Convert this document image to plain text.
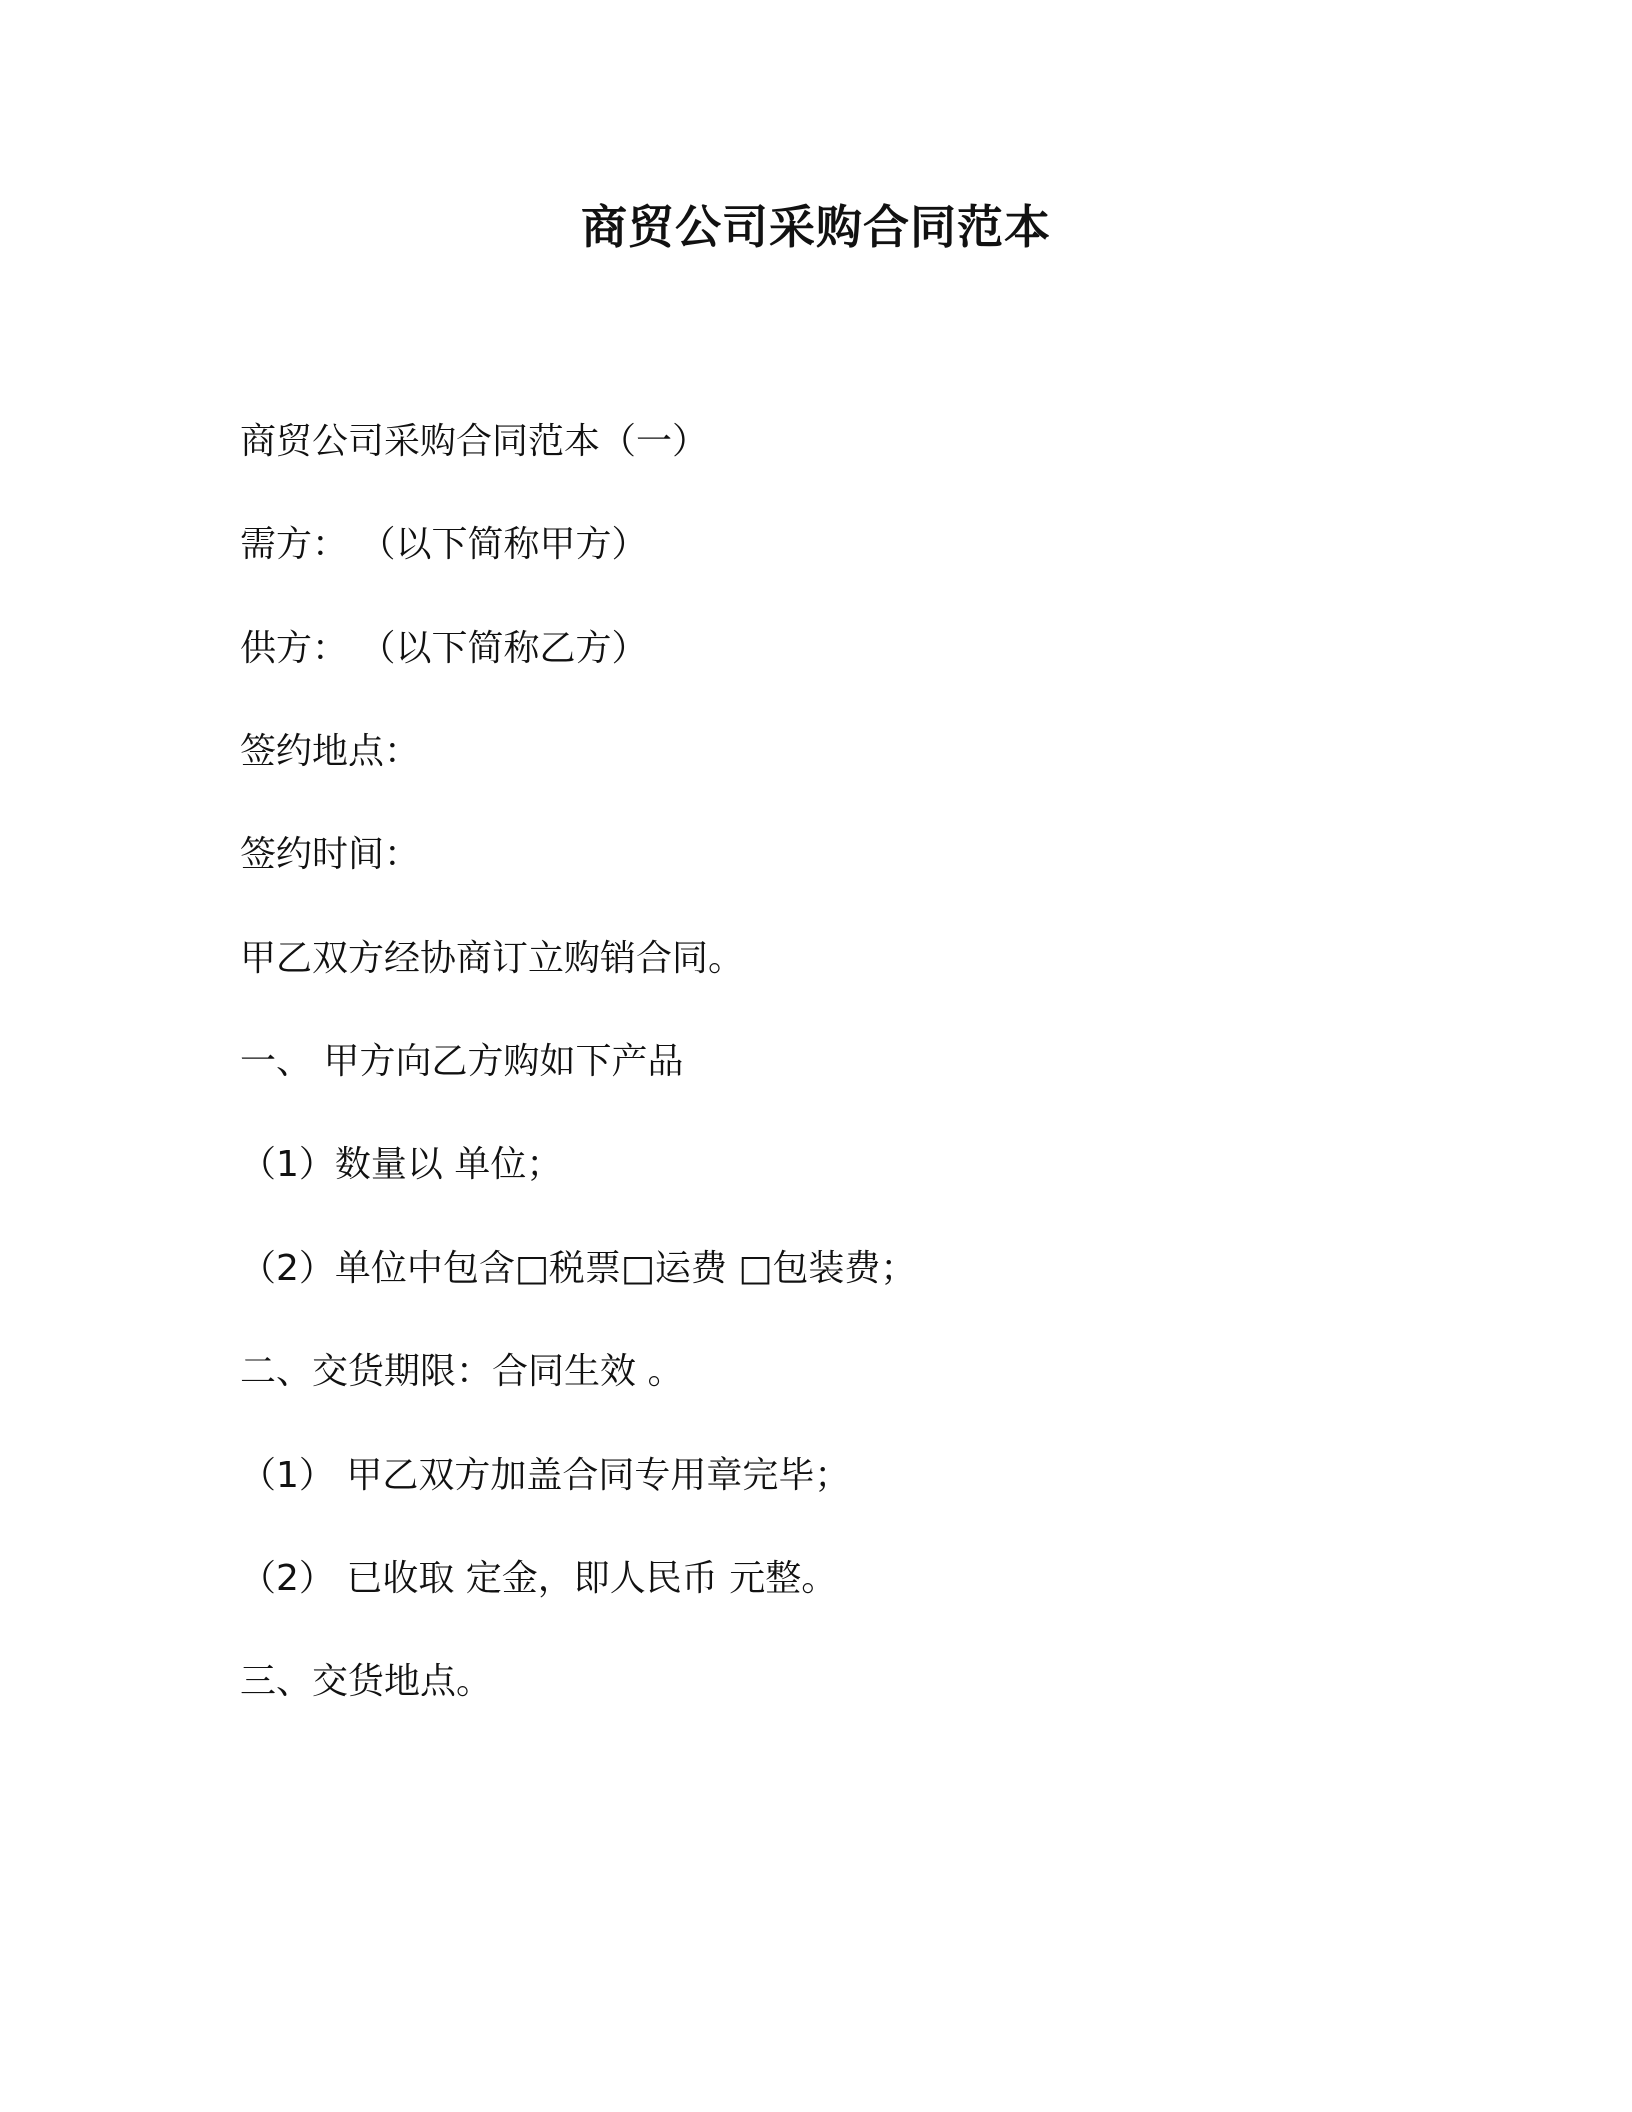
商贸公司采购合同范本

商贸公司采购合同范本（一）

需方： （以下简称甲方）

供方： （以下简称乙方）

签约地点：

签约时间：

甲乙双方经协商订立购销合同。

一、 甲方向乙方购如下产品

（1）数量以 单位；

（2）单位中包含□税票□运费 □包装费；

二、交货期限：合同生效 。

（1） 甲乙双方加盖合同专用章完毕；

（2） 已收取 定金，即人民币 元整。

三、交货地点。
